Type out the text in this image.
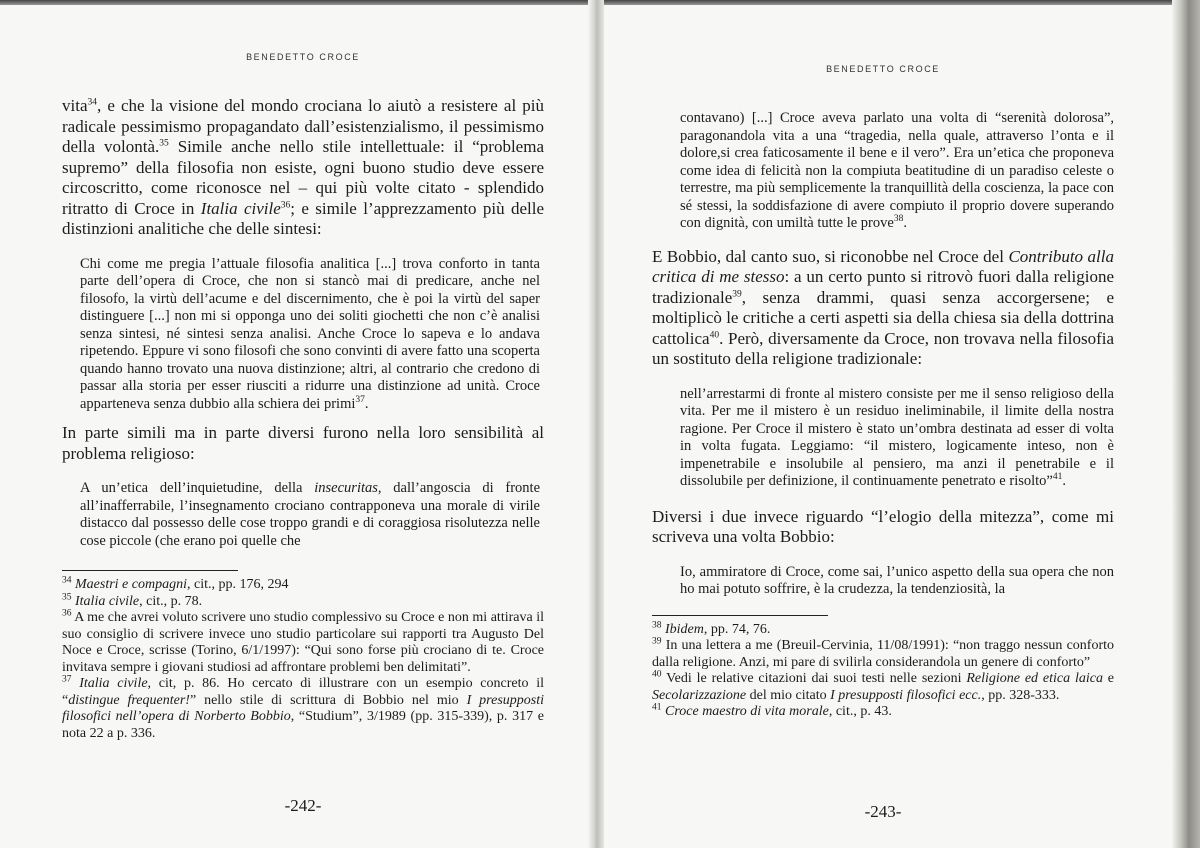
BENEDETTO CROCE

vita$^{34}$, e che la visione del mondo crociana lo aiutò a resistere al più radicale pessimismo propagandato dall’esistenzialismo, il pessimismo della volontà.$^{35}$ Simile anche nello stile intellettuale: il “problema supremo” della filosofia non esiste, ogni buono studio deve essere circoscritto, come riconosce nel – qui più volte citato - splendido ritratto di Croce in Italia civile$^{36}$; e simile l’apprezzamento più delle distinzioni analitiche che delle sintesi:

Chi come me pregia l’attuale filosofia analitica [...] trova conforto in tanta parte dell’opera di Croce, che non si stancò mai di predicare, anche nel filosofo, la virtù dell’acume e del discernimento, che è poi la virtù del saper distinguere [...] non mi si opponga uno dei soliti giochetti che non c’è analisi senza sintesi, né sintesi senza analisi. Anche Croce lo sapeva e lo andava ripetendo. Eppure vi sono filosofi che sono convinti di avere fatto una scoperta quando hanno trovato una nuova distinzione; altri, al contrario che credono di passar alla storia per esser riusciti a ridurre una distinzione ad unità. Croce apparteneva senza dubbio alla schiera dei primi$^{37}$.

In parte simili ma in parte diversi furono nella loro sensibilità al problema religioso:

A un’etica dell’inquietudine, della insecuritas, dall’angoscia di fronte all’inafferrabile, l’insegnamento crociano contrapponeva una morale di virile distacco dal possesso delle cose troppo grandi e di coraggiosa risolutezza nelle cose piccole (che erano poi quelle che

$^{34}$ Maestri e compagni, cit., pp. 176, 294

$^{35}$ Italia civile, cit., p. 78.

$^{36}$ A me che avrei voluto scrivere uno studio complessivo su Croce e non mi attirava il suo consiglio di scrivere invece uno studio particolare sui rapporti tra Augusto Del Noce e Croce, scrisse (Torino, 6/1/1997): “Qui sono forse più crociano di te. Croce invitava sempre i giovani studiosi ad affrontare problemi ben delimitati”.

$^{37}$ Italia civile, cit, p. 86. Ho cercato di illustrare con un esempio concreto il “distingue frequenter!” nello stile di scrittura di Bobbio nel mio I presupposti filosofici nell’opera di Norberto Bobbio, “Studium”, 3/1989 (pp. 315-339), p. 317 e nota 22 a p. 336.

-242-
BENEDETTO CROCE

contavano) [...] Croce aveva parlato una volta di “serenità dolorosa”, paragonandola vita a una “tragedia, nella quale, attraverso l’onta e il dolore,si crea faticosamente il bene e il vero”. Era un’etica che proponeva come idea di felicità non la compiuta beatitudine di un paradiso celeste o terrestre, ma più semplicemente la tranquillità della coscienza, la pace con sé stessi, la soddisfazione di avere compiuto il proprio dovere superando con dignità, con umiltà tutte le prove$^{38}$.

E Bobbio, dal canto suo, si riconobbe nel Croce del Contributo alla critica di me stesso: a un certo punto si ritrovò fuori dalla religione tradizionale$^{39}$, senza drammi, quasi senza accorgersene; e moltiplicò le critiche a certi aspetti sia della chiesa sia della dottrina cattolica$^{40}$. Però, diversamente da Croce, non trovava nella filosofia un sostituto della religione tradizionale:

nell’arrestarmi di fronte al mistero consiste per me il senso religioso della vita. Per me il mistero è un residuo ineliminabile, il limite della nostra ragione. Per Croce il mistero è stato un’ombra destinata ad esser di volta in volta fugata. Leggiamo: “il mistero, logicamente inteso, non è impenetrabile e insolubile al pensiero, ma anzi il penetrabile e il dissolubile per definizione, il continuamente penetrato e risolto”$^{41}$.

Diversi i due invece riguardo “l’elogio della mitezza”, come mi scriveva una volta Bobbio:

Io, ammiratore di Croce, come sai, l’unico aspetto della sua opera che non ho mai potuto soffrire, è la crudezza, la tendenziosità, la

$^{38}$ Ibidem, pp. 74, 76.

$^{39}$ In una lettera a me (Breuil-Cervinia, 11/08/1991): “non traggo nessun conforto dalla religione. Anzi, mi pare di svilirla considerandola un genere di conforto”

$^{40}$ Vedi le relative citazioni dai suoi testi nelle sezioni Religione ed etica laica e Secolarizzazione del mio citato I presupposti filosofici ecc., pp. 328-333.

$^{41}$ Croce maestro di vita morale, cit., p. 43.

-243-
